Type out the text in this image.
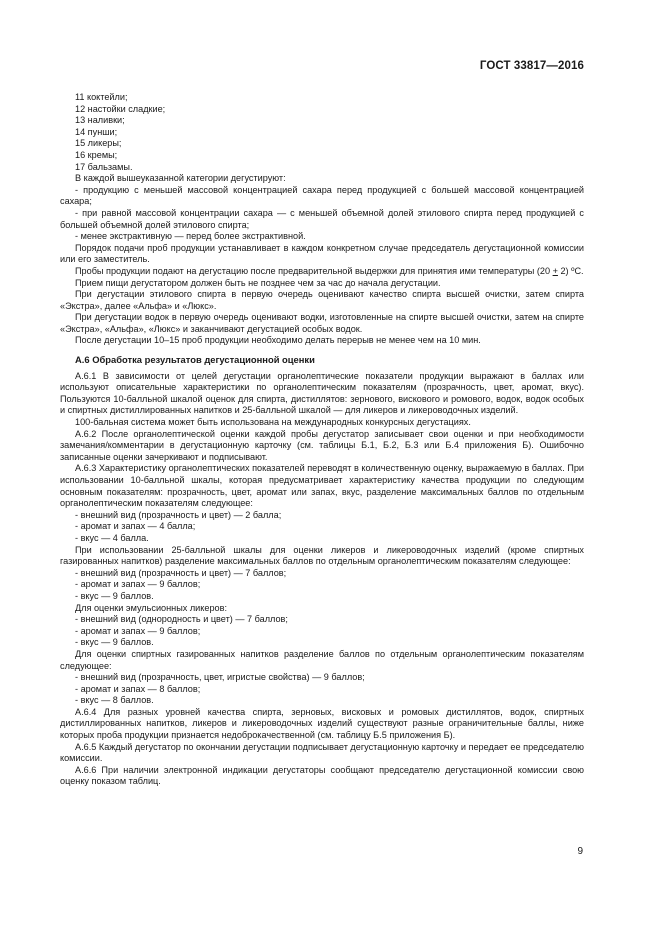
ГОСТ 33817—2016

11 коктейли;

12 настойки сладкие;

13 наливки;

14 пунши;

15 ликеры;

16 кремы;

17 бальзамы.

В каждой вышеуказанной категории дегустируют:

- продукцию с меньшей массовой концентрацией сахара перед продукцией с большей массовой концентрацией сахара;

- при равной массовой концентрации сахара — с меньшей объемной долей этилового спирта перед продукцией с большей объемной долей этилового спирта;

- менее экстрактивную — перед более экстрактивной.

Порядок подачи проб продукции устанавливает в каждом конкретном случае председатель дегустационной комиссии или его заместитель.

Пробы продукции подают на дегустацию после предварительной выдержки для принятия ими температуры (20 + 2) ºС.

Прием пищи дегустатором должен быть не позднее чем за час до начала дегустации.

При дегустации этилового спирта в первую очередь оценивают качество спирта высшей очистки, затем спирта «Экстра», далее «Альфа» и «Люкс».

При дегустации водок в первую очередь оценивают водки, изготовленные на спирте высшей очистки, затем на спирте «Экстра», «Альфа», «Люкс» и заканчивают дегустацией особых водок.

После дегустации 10–15 проб продукции необходимо делать перерыв не менее чем на 10 мин.

А.6 Обработка результатов дегустационной оценки

А.6.1 В зависимости от целей дегустации органолептические показатели продукции выражают в баллах или используют описательные характеристики по органолептическим показателям (прозрачность, цвет, аромат, вкус). Пользуются 10-балльной шкалой оценок для спирта, дистиллятов: зернового, вискового и ромового, водок, водок особых и спиртных дистиллированных напитков и 25-балльной шкалой — для ликеров и ликероводочных изделий.

100-бальная система может быть использована на международных конкурсных дегустациях.

А.6.2 После органолептической оценки каждой пробы дегустатор записывает свои оценки и при необходимости замечания/комментарии в дегустационную карточку (см. таблицы Б.1, Б.2, Б.3 или Б.4 приложения Б). Ошибочно записанные оценки зачеркивают и подписывают.

А.6.3 Характеристику органолептических показателей переводят в количественную оценку, выражаемую в баллах. При использовании 10-балльной шкалы, которая предусматривает характеристику качества продукции по следующим основным показателям: прозрачность, цвет, аромат или запах, вкус, разделение максимальных баллов по отдельным органолептическим показателям следующее:

- внешний вид (прозрачность и цвет) — 2 балла;

- аромат и запах — 4 балла;

- вкус — 4 балла.

При использовании 25-балльной шкалы для оценки ликеров и ликероводочных изделий (кроме спиртных газированных напитков) разделение максимальных баллов по отдельным органолептическим показателям следующее:

- внешний вид (прозрачность и цвет) — 7 баллов;

- аромат и запах — 9 баллов;

- вкус — 9 баллов.

Для оценки эмульсионных ликеров:

- внешний вид (однородность и цвет) — 7 баллов;

- аромат и запах — 9 баллов;

- вкус — 9 баллов.

Для оценки спиртных газированных напитков разделение баллов по отдельным органолептическим показателям следующее:

- внешний вид (прозрачность, цвет, игристые свойства) — 9 баллов;

- аромат и запах — 8 баллов;

- вкус — 8 баллов.

А.6.4 Для разных уровней качества спирта, зерновых, висковых и ромовых дистиллятов, водок, спиртных дистиллированных напитков, ликеров и ликероводочных изделий существуют разные ограничительные баллы, ниже которых проба продукции признается недоброкачественной (см. таблицу Б.5 приложения Б).

А.6.5 Каждый дегустатор по окончании дегустации подписывает дегустационную карточку и передает ее председателю комиссии.

А.6.6 При наличии электронной индикации дегустаторы сообщают председателю дегустационной комиссии свою оценку показом таблиц.

9
